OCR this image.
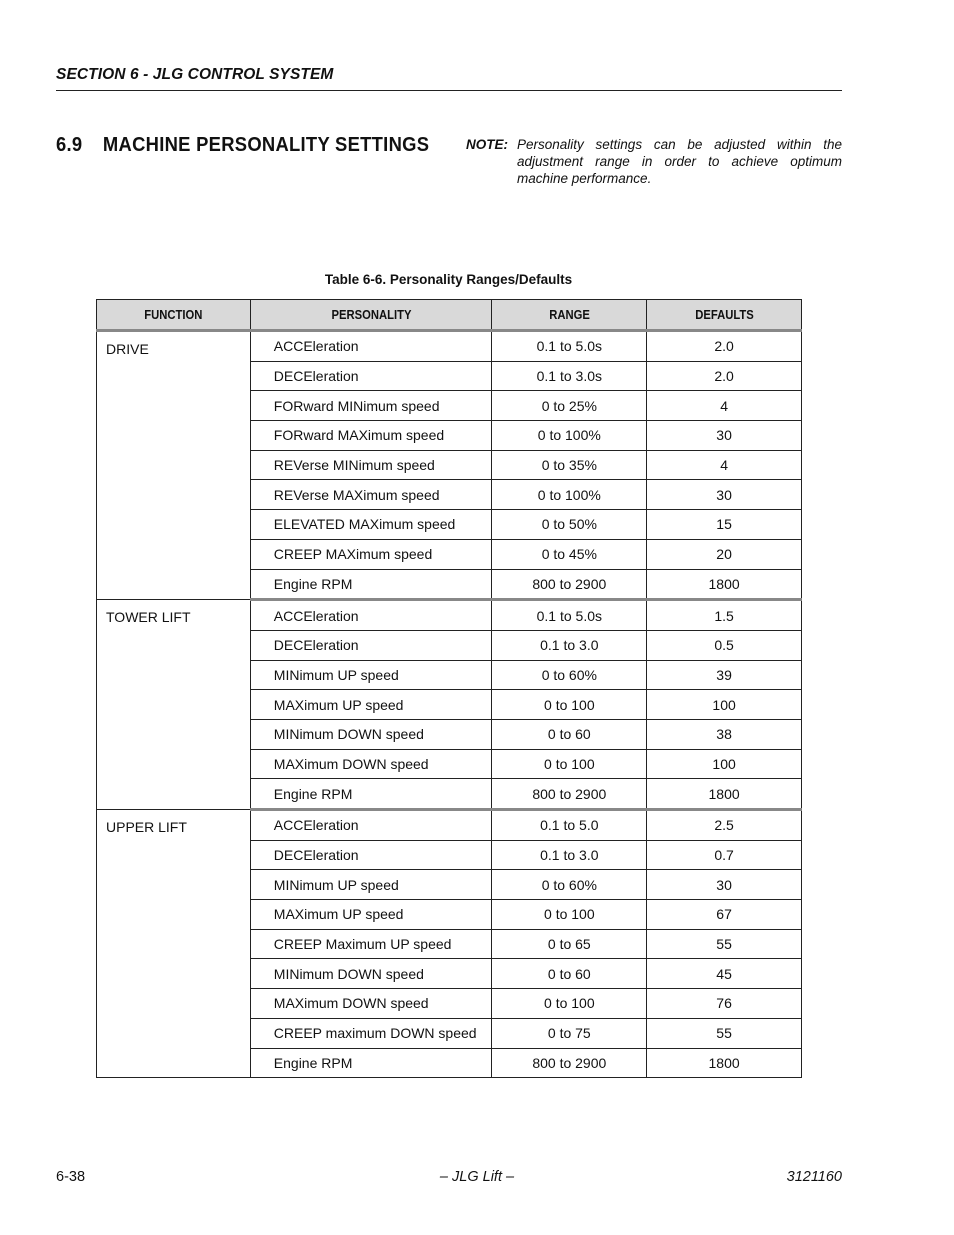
SECTION 6 - JLG CONTROL SYSTEM
6.9 MACHINE PERSONALITY SETTINGS	NOTE: Personality settings can be adjusted within the adjustment range in order to achieve optimum machine performance.
Table 6-6. Personality Ranges/Defaults
FUNCTION	PERSONALITY	RANGE	DEFAULTS
DRIVE	ACCEleration	0.1 to 5.0s	2.0
	DECEleration	0.1 to 3.0s	2.0
	FORward MINimum speed	0 to 25%	4
	FORward MAXimum speed	0 to 100%	30
	REVerse MINimum speed	0 to 35%	4
	REVerse MAXimum speed	0 to 100%	30
	ELEVATED MAXimum speed	0 to 50%	15
	CREEP MAXimum speed	0 to 45%	20
	Engine RPM	800 to 2900	1800
TOWER LIFT	ACCEleration	0.1 to 5.0s	1.5
	DECEleration	0.1 to 3.0	0.5
	MINimum UP speed	0 to 60%	39
	MAXimum UP speed	0 to 100	100
	MINimum DOWN speed	0 to 60	38
	MAXimum DOWN speed	0 to 100	100
	Engine RPM	800 to 2900	1800
UPPER LIFT	ACCEleration	0.1 to 5.0	2.5
	DECEleration	0.1 to 3.0	0.7
	MINimum UP speed	0 to 60%	30
	MAXimum UP speed	0 to 100	67
	CREEP Maximum UP speed	0 to 65	55
	MINimum DOWN speed	0 to 60	45
	MAXimum DOWN speed	0 to 100	76
	CREEP maximum DOWN speed	0 to 75	55
	Engine RPM	800 to 2900	1800
6-38	– JLG Lift –	3121160
